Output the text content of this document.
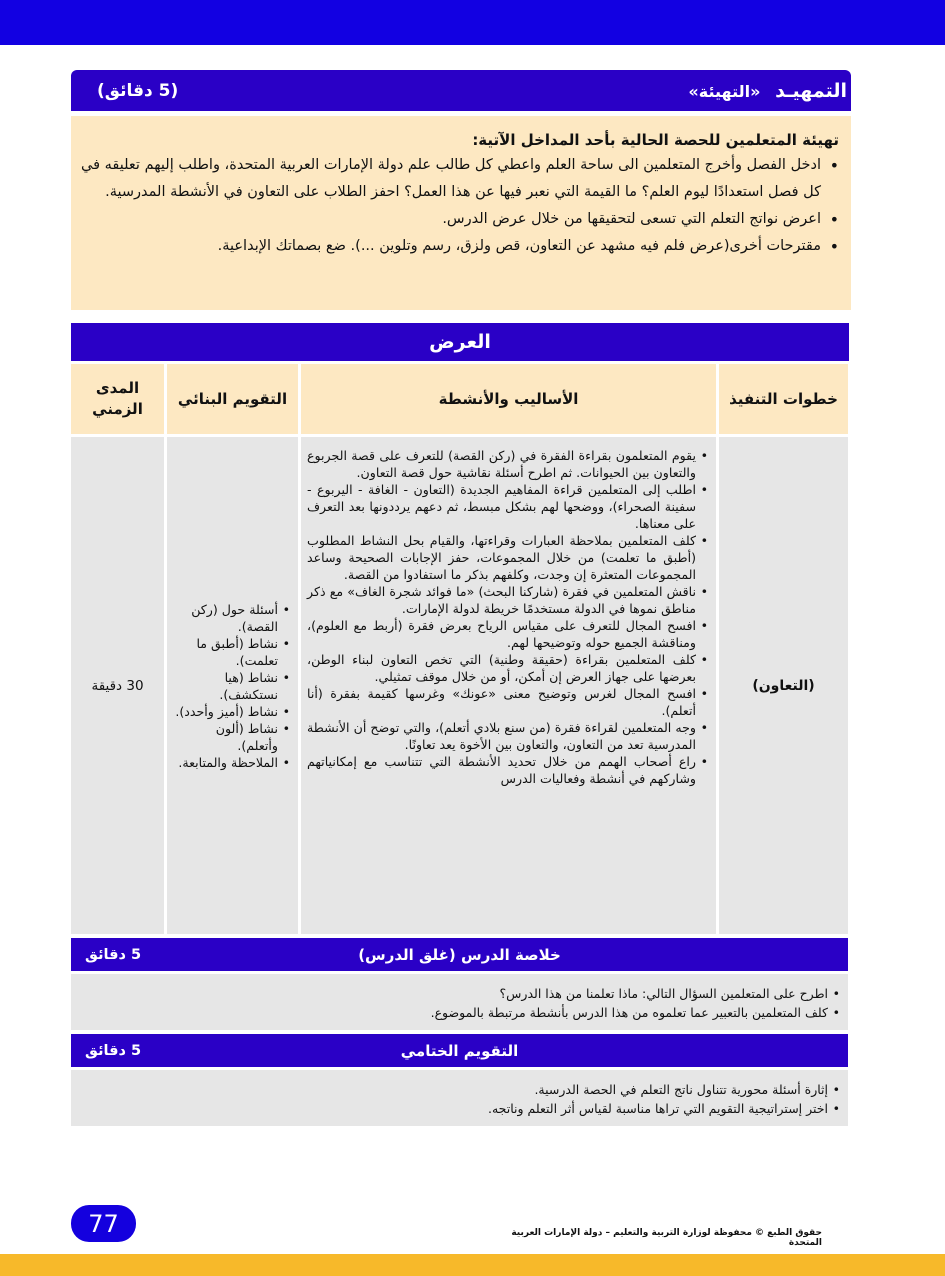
التمهيـد «التهيئة»
(5 دقائق)
تهيئة المتعلمين للحصة الحالية بأحد المداخل الآتية:
• ادخل الفصل وأخرج المتعلمين الى ساحة العلم واعطي كل طالب علم دولة الإمارات العربية المتحدة، واطلب إليهم تعليقه في كل فصل استعدادًا ليوم العلم؟ ما القيمة التي نعبر فيها عن هذا العمل؟ احفز الطلاب على التعاون في الأنشطة المدرسية.
• اعرض نواتج التعلم التي تسعى لتحقيقها من خلال عرض الدرس.
• مقترحات أخرى(عرض فلم فيه مشهد عن التعاون، قص ولزق، رسم وتلوين ...). ضع بصماتك الإبداعية.
العرض
خطوات التنفيذ
الأساليب والأنشطة
التقويم البنائي
المدى الزمني
(التعاون)
• يقوم المتعلمون بقراءة الفقرة في (ركن القصة) للتعرف على قصة الجربوع والتعاون بين الحيوانات. ثم اطرح أسئلة نقاشية حول قصة التعاون.
• اطلب إلى المتعلمين قراءة المفاهيم الجديدة (التعاون - الغافة - اليربوع - سفينة الصحراء)، ووضحها لهم بشكل مبسط، ثم دعهم يرددونها بعد التعرف على معناها.
• كلف المتعلمين بملاحظة العبارات وقراءتها، والقيام بحل النشاط المطلوب (أطبق ما تعلمت) من خلال المجموعات، حفز الإجابات الصحيحة وساعد المجموعات المتعثرة إن وجدت، وكلفهم بذكر ما استفادوا من القصة.
• ناقش المتعلمين في فقرة (شاركنا البحث) «ما فوائد شجرة الغاف» مع ذكر مناطق نموها في الدولة مستخدمًا خريطة لدولة الإمارات.
• افسح المجال للتعرف على مقياس الرياح بعرض فقرة (أربط مع العلوم)، ومناقشة الجميع حوله وتوضيحها لهم.
• كلف المتعلمين بقراءة (حقيقة وطنية) التي تخص التعاون لبناء الوطن، بعرضها على جهاز العرض إن أمكن، أو من خلال موقف تمثيلي.
• افسح المجال لغرس وتوضيح معنى «عونك» وغرسها كقيمة بفقرة (أنا أتعلم).
• وجه المتعلمين لقراءة فقرة (من سنع بلادي أتعلم)، والتي توضح أن الأنشطة المدرسية تعد من التعاون، والتعاون بين الأخوة يعد تعاونًا.
• راع أصحاب الهمم من خلال تحديد الأنشطة التي تتناسب مع إمكانياتهم وشاركهم في أنشطة وفعاليات الدرس
• أسئلة حول (ركن القصة).
• نشاط (أطبق ما تعلمت).
• نشاط (هيا نستكشف).
• نشاط (أميز وأحدد).
• نشاط (ألون وأتعلم).
• الملاحظة والمتابعة.
30 دقيقة
خلاصة الدرس (غلق الدرس)
5 دقائق
• اطرح على المتعلمين السؤال التالي: ماذا تعلمنا من هذا الدرس؟
• كلف المتعلمين بالتعبير عما تعلموه من هذا الدرس بأنشطة مرتبطة بالموضوع.
التقويم الختامي
5 دقائق
• إثارة أسئلة محورية تتناول ناتج التعلم في الحصة الدرسية.
• اختر إستراتيجية التقويم التي تراها مناسبة لقياس أثر التعلم وناتجه.
77	حقوق الطبع © محفوظة لوزارة التربية والتعليم – دولة الإمارات العربية المتحدة
